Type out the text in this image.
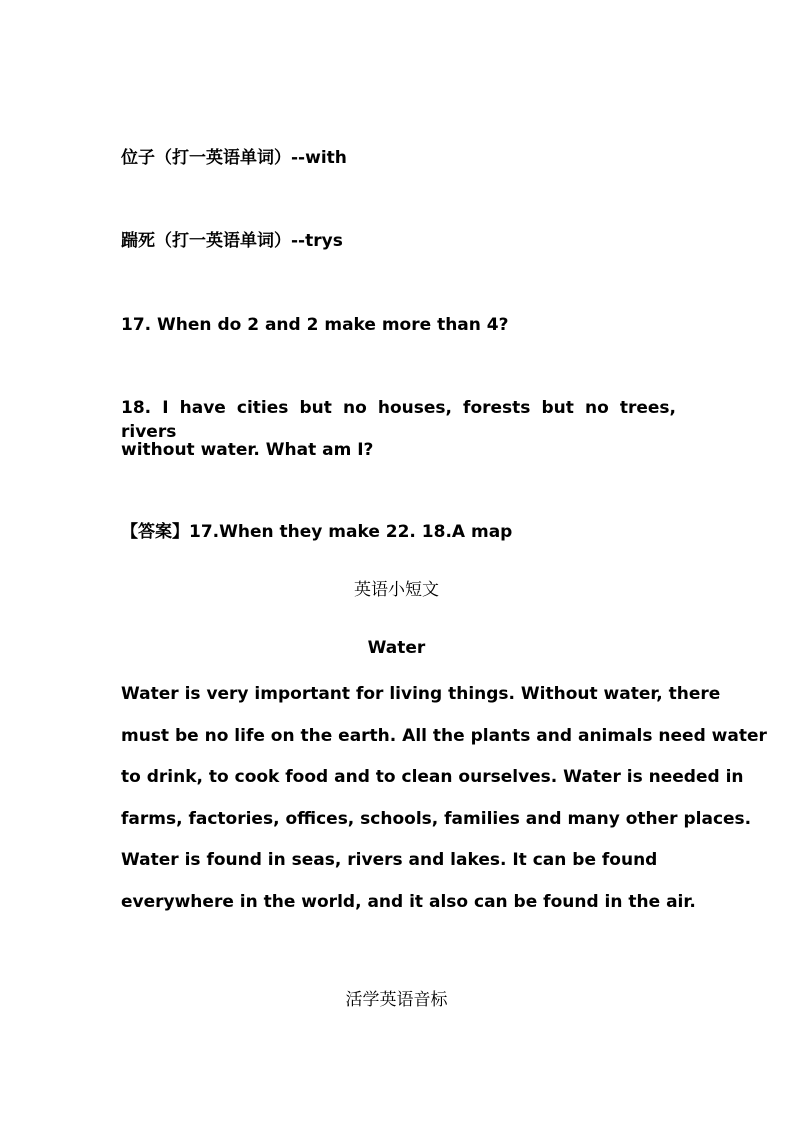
位子（打一英语单词）--with
踹死（打一英语单词）--trys
17. When do 2 and 2 make more than 4?
18. I have cities but no houses, forests but no trees, rivers
without water. What am I?
【答案】17.When they make 22. 18.A map
英语小短文
Water
Water is very important for living things. Without water, there
must be no life on the earth. All the plants and animals need water
to drink, to cook food and to clean ourselves. Water is needed in
farms, factories, offices, schools, families and many other places.
Water is found in seas, rivers and lakes. It can be found
everywhere in the world, and it also can be found in the air.
活学英语音标
